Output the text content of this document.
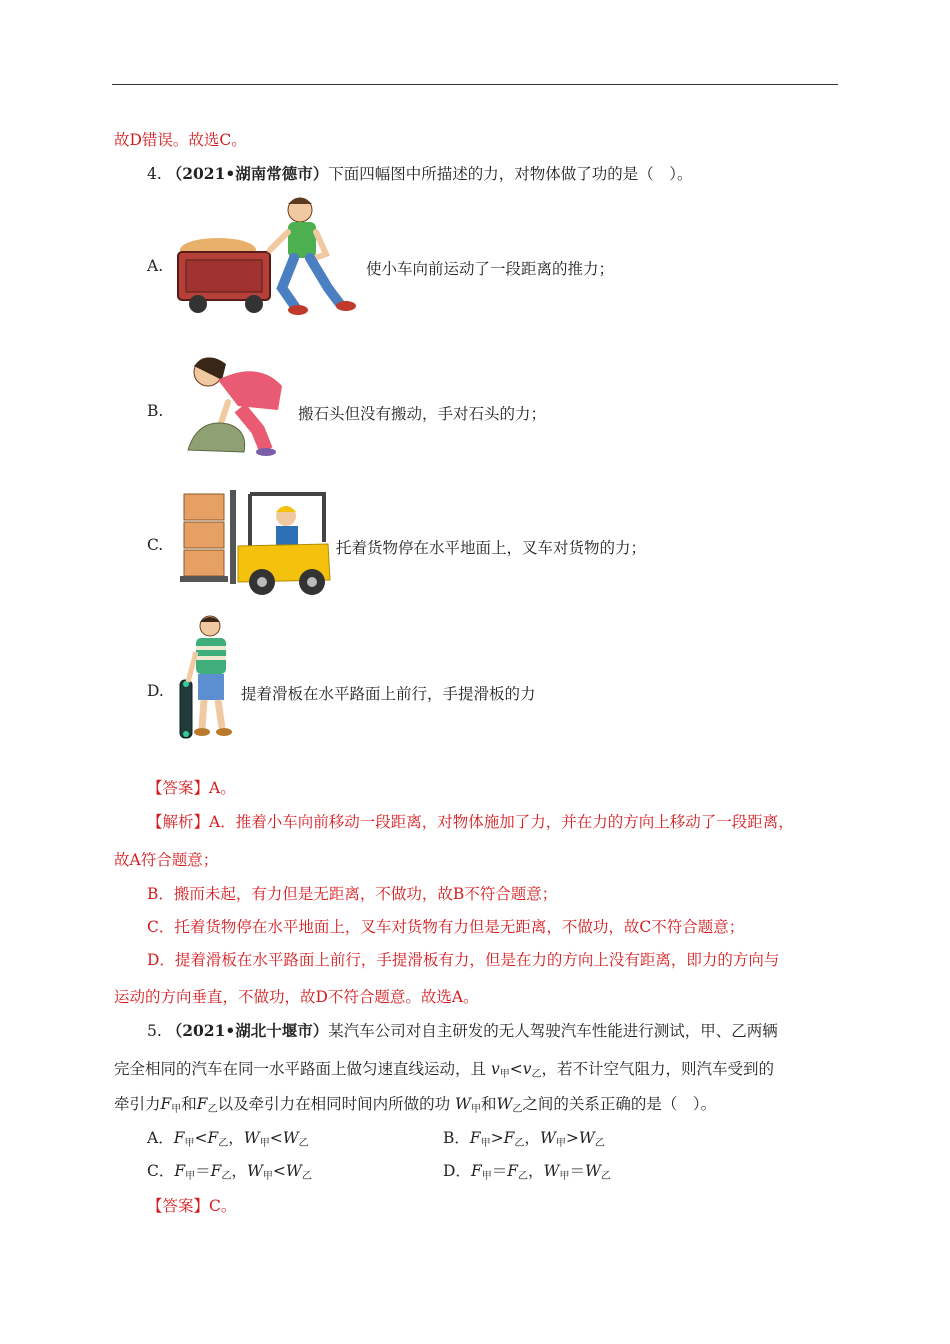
故D错误。故选C。
4. （2021•湖南常德市）下面四幅图中所描述的力，对物体做了功的是（　）。
A.	使小车向前运动了一段距离的推力；
B.	搬石头但没有搬动，手对石头的力；
C.	托着货物停在水平地面上，叉车对货物的力；
D.	提着滑板在水平路面上前行，手提滑板的力
【答案】A。
【解析】A．推着小车向前移动一段距离，对物体施加了力，并在力的方向上移动了一段距离，
故A符合题意；
B．搬而未起，有力但是无距离，不做功，故B不符合题意；
C．托着货物停在水平地面上，叉车对货物有力但是无距离，不做功，故C不符合题意；
D．提着滑板在水平路面上前行，手提滑板有力，但是在力的方向上没有距离，即力的方向与
运动的方向垂直，不做功，故D不符合题意。故选A。
5. （2021•湖北十堰市）某汽车公司对自主研发的无人驾驶汽车性能进行测试，甲、乙两辆
完全相同的汽车在同一水平路面上做匀速直线运动，且 v甲<v乙，若不计空气阻力，则汽车受到的
牵引力F甲和F乙以及牵引力在相同时间内所做的功 W甲和W乙之间的关系正确的是（　）。
A．F甲<F乙，W甲<W乙	B．F甲>F乙，W甲>W乙
C．F甲＝F乙，W甲<W乙	D．F甲＝F乙，W甲＝W乙
【答案】C。
